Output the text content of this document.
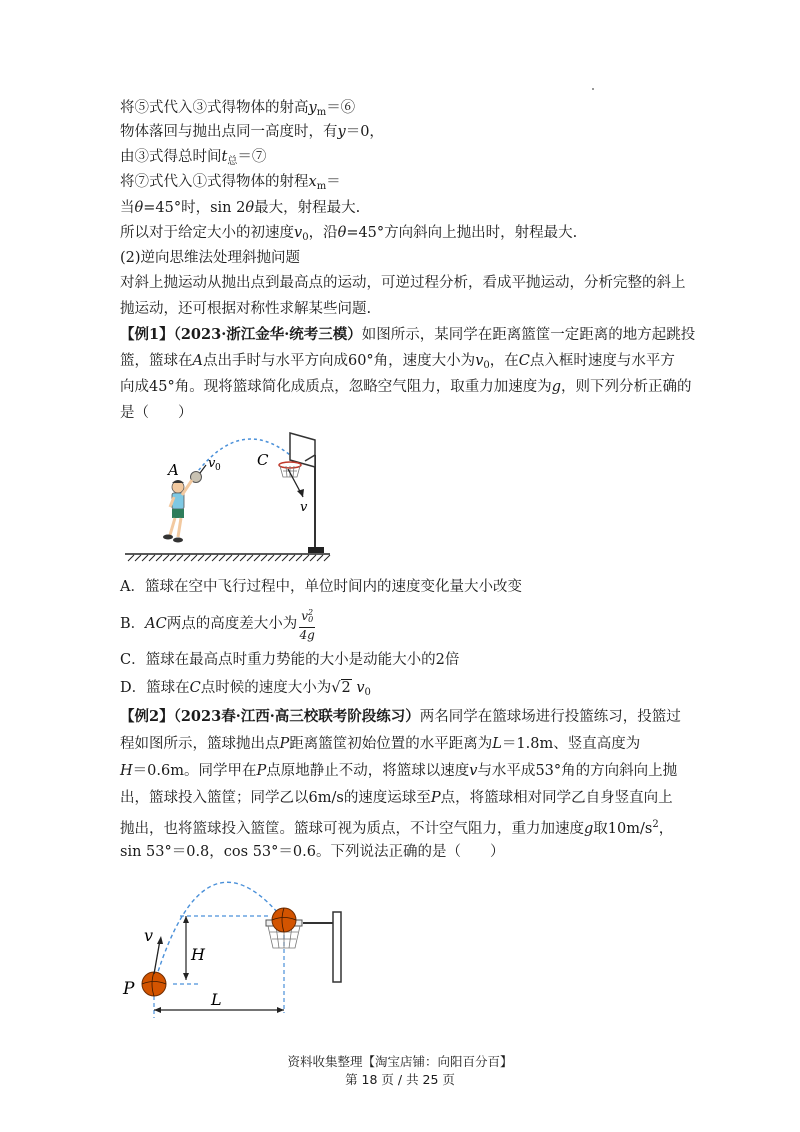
将⑤式代入③式得物体的射高$y_m=⑥$
物体落回与抛出点同一高度时，有y＝0，
由③式得总时间$t_总=⑦$
将⑦式代入①式得物体的射程$x_m=$
当θ=45°时，sin 2θ最大，射程最大.
所以对于给定大小的初速度$v_0$，沿θ=45°方向斜向上抛出时，射程最大.
(2)逆向思维法处理斜抛问题
对斜上抛运动从抛出点到最高点的运动，可逆过程分析，看成平抛运动，分析完整的斜上
抛运动，还可根据对称性求解某些问题.
【例1】（2023·浙江金华·统考三模）如图所示，某同学在距离篮筐一定距离的地方起跳投
篮，篮球在A点出手时与水平方向成60°角，速度大小为$v_0$，在C点入框时速度与水平方
向成45°角。现将篮球简化成质点，忽略空气阻力，取重力加速度为g，则下列分析正确的
是（　　）
A v 0 C
v
A．篮球在空中飞行过程中，单位时间内的速度变化量大小改变
B．AC两点的高度差大小为 $\frac{v^2_0}{4g}$
C．篮球在最高点时重力势能的大小是动能大小的2倍
D．篮球在C点时候的速度大小为√2 $v_0$
【例2】（2023春·江西·高三校联考阶段练习）两名同学在篮球场进行投篮练习，投篮过
程如图所示，篮球抛出点P距离篮筐初始位置的水平距离为L＝1.8m、竖直高度为
H＝0.6m。同学甲在P点原地静止不动，将篮球以速度v与水平成53°角的方向斜向上抛
出，篮球投入篮筐；同学乙以6m/s的速度运球至P点，将篮球相对同学乙自身竖直向上
抛出，也将篮球投入篮筐。篮球可视为质点，不计空气阻力，重力加速度g取$10m/s^2$，
sin 53°＝0.8，cos 53°＝0.6。下列说法正确的是（　　）
v
H
P
L
资料收集整理【淘宝店铺：向阳百分百】
第 18 页 / 共 25 页
